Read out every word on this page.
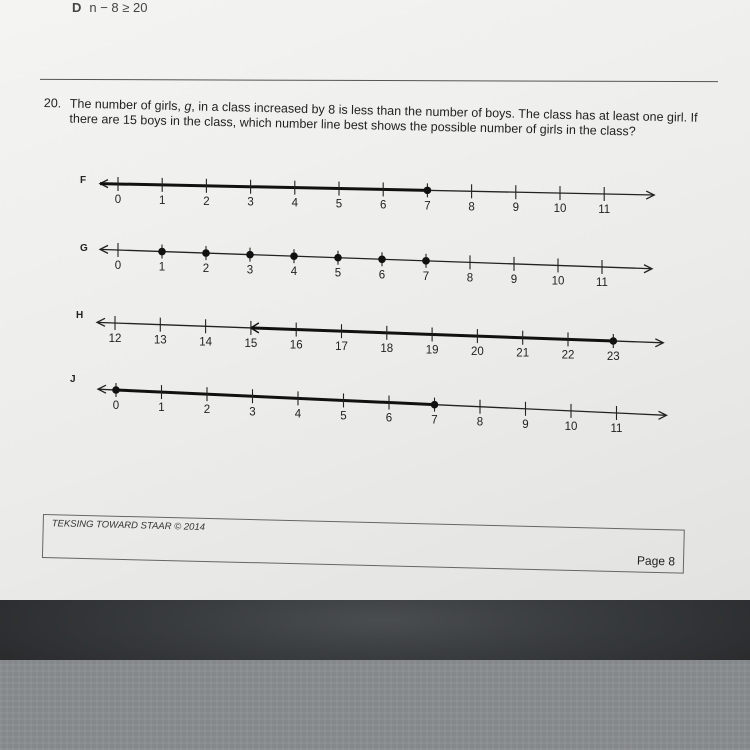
D n − 8 ≥ 20
20. The number of girls, g, in a class increased by 8 is less than the number of boys. The class has at least one girl. If there are 15 boys in the class, which number line best shows the possible number of girls in the class?
F
0	1	2	3	4	5	6	7	8	9	10	11
G
0	1	2	3	4	5	6	7	8	9	10	11
H
12	13	14	15	16	17	18	19	20	21	22	23
J
0	1	2	3	4	5	6	7	8	9	10	11
TEKSING TOWARD STAAR © 2014
Page 8
